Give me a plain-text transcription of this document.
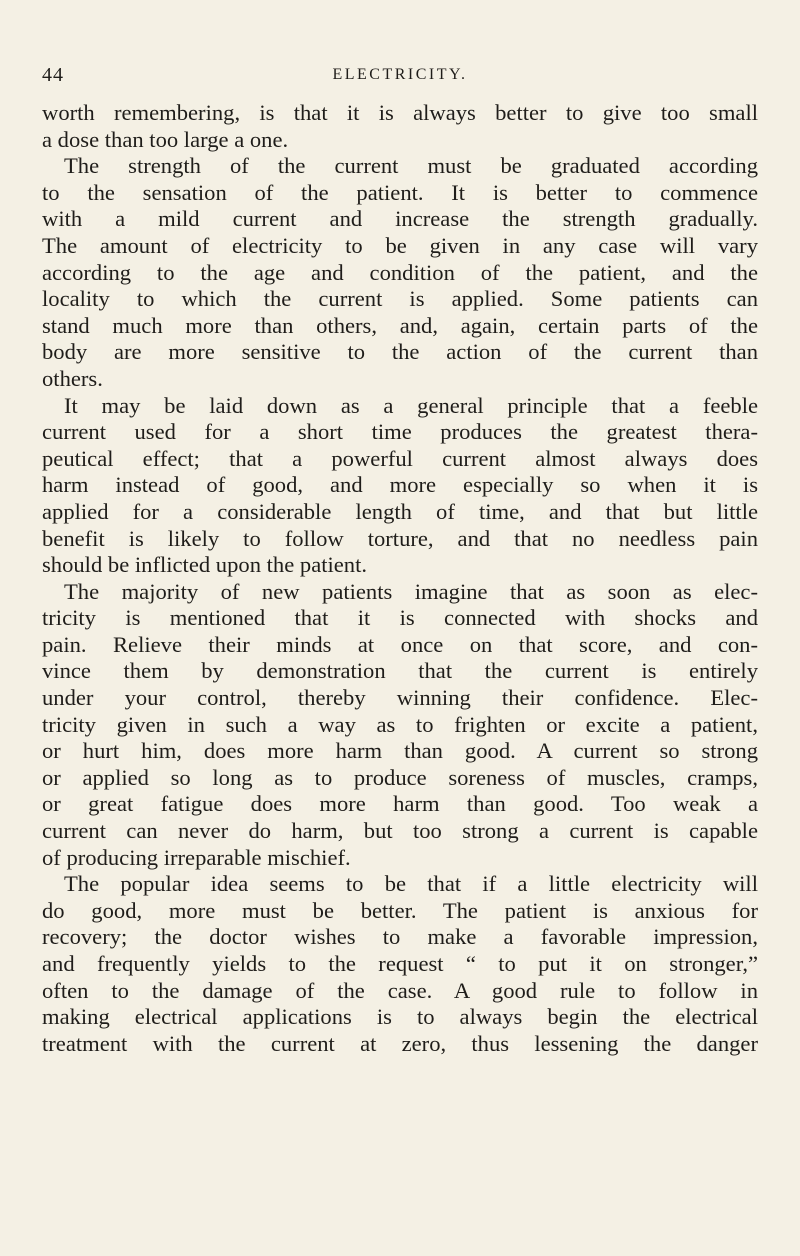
44	ELECTRICITY.
worth remembering, is that it is always better to give too small
a dose than too large a one.
The strength of the current must be graduated according
to the sensation of the patient. It is better to commence
with a mild current and increase the strength gradually.
The amount of electricity to be given in any case will vary
according to the age and condition of the patient, and the
locality to which the current is applied. Some patients can
stand much more than others, and, again, certain parts of the
body are more sensitive to the action of the current than
others.
It may be laid down as a general principle that a feeble
current used for a short time produces the greatest thera-
peutical effect; that a powerful current almost always does
harm instead of good, and more especially so when it is
applied for a considerable length of time, and that but little
benefit is likely to follow torture, and that no needless pain
should be inflicted upon the patient.
The majority of new patients imagine that as soon as elec-
tricity is mentioned that it is connected with shocks and
pain. Relieve their minds at once on that score, and con-
vince them by demonstration that the current is entirely
under your control, thereby winning their confidence. Elec-
tricity given in such a way as to frighten or excite a patient,
or hurt him, does more harm than good. A current so strong
or applied so long as to produce soreness of muscles, cramps,
or great fatigue does more harm than good. Too weak a
current can never do harm, but too strong a current is capable
of producing irreparable mischief.
The popular idea seems to be that if a little electricity will
do good, more must be better. The patient is anxious for
recovery; the doctor wishes to make a favorable impression,
and frequently yields to the request “ to put it on stronger,”
often to the damage of the case. A good rule to follow in
making electrical applications is to always begin the electrical
treatment with the current at zero, thus lessening the danger
